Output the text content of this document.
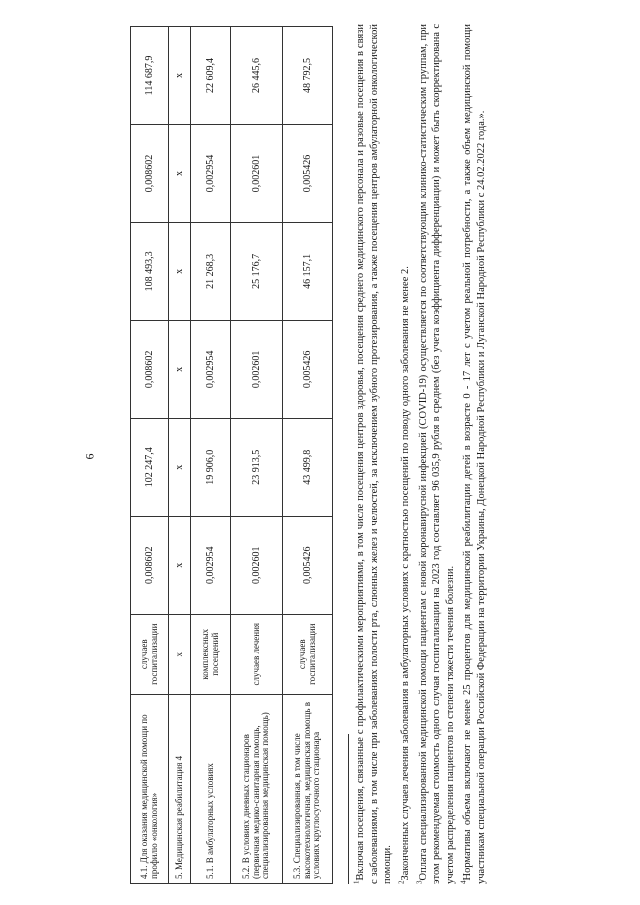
6
4.1. Для оказания медицинской помощи по профилю «онкология»	случаев госпитализации	0,008602	102 247,4	0,008602	108 493,3	0,008602	114 687,9
5. Медицинская реабилитация 4	х	х	х	х	х	х	х
5.1. В амбулаторных условиях	комплексных посещений	0,002954	19 906,0	0,002954	21 268,3	0,002954	22 609,4
5.2. В условиях дневных стационаров (первичная медико-санитарная помощь, специализированная медицинская помощь)	случаев лечения	0,002601	23 913,5	0,002601	25 176,7	0,002601	26 445,6
5.3. Специализированная, в том числе высокотехнологичная, медицинская помощь в условиях круглосуточного стационара	случаев госпитализации	0,005426	43 499,8	0,005426	46 157,1	0,005426	48 792,5

$^1$Включая посещения, связанные с профилактическими мероприятиями, в том числе посещения центров здоровья, посещения среднего медицинского персонала и разовые посещения в связи с заболеваниями, в том числе при заболеваниях полости рта, слюнных желез и челюстей, за исключением зубного протезирования, а также посещения центров амбулаторной онкологической помощи. $^2$Законченных случаев лечения заболевания в амбулаторных условиях с кратностью посещений по поводу одного заболевания не менее 2.

$^3$Оплата специализированной медицинской помощи пациентам с новой коронавирусной инфекцией (COVID-19) осуществляется по соответствующим клинико-статистическим группам, при этом рекомендуемая стоимость одного случая госпитализации на 2023 год составляет 96 035,9 рубля в среднем (без учета коэффициента дифференциации) и может быть скорректирована с учетом распределения пациентов по степени тяжести течения болезни. $^4$Нормативы объема включают не менее 25 процентов для медицинской реабилитации детей в возрасте 0 - 17 лет с учетом реальной потребности, а также объем медицинской помощи участникам специальной операции Российской Федерации на территории Украины, Донецкой Народной Республики и Луганской Народной Республики с 24.02.2022 года.».
